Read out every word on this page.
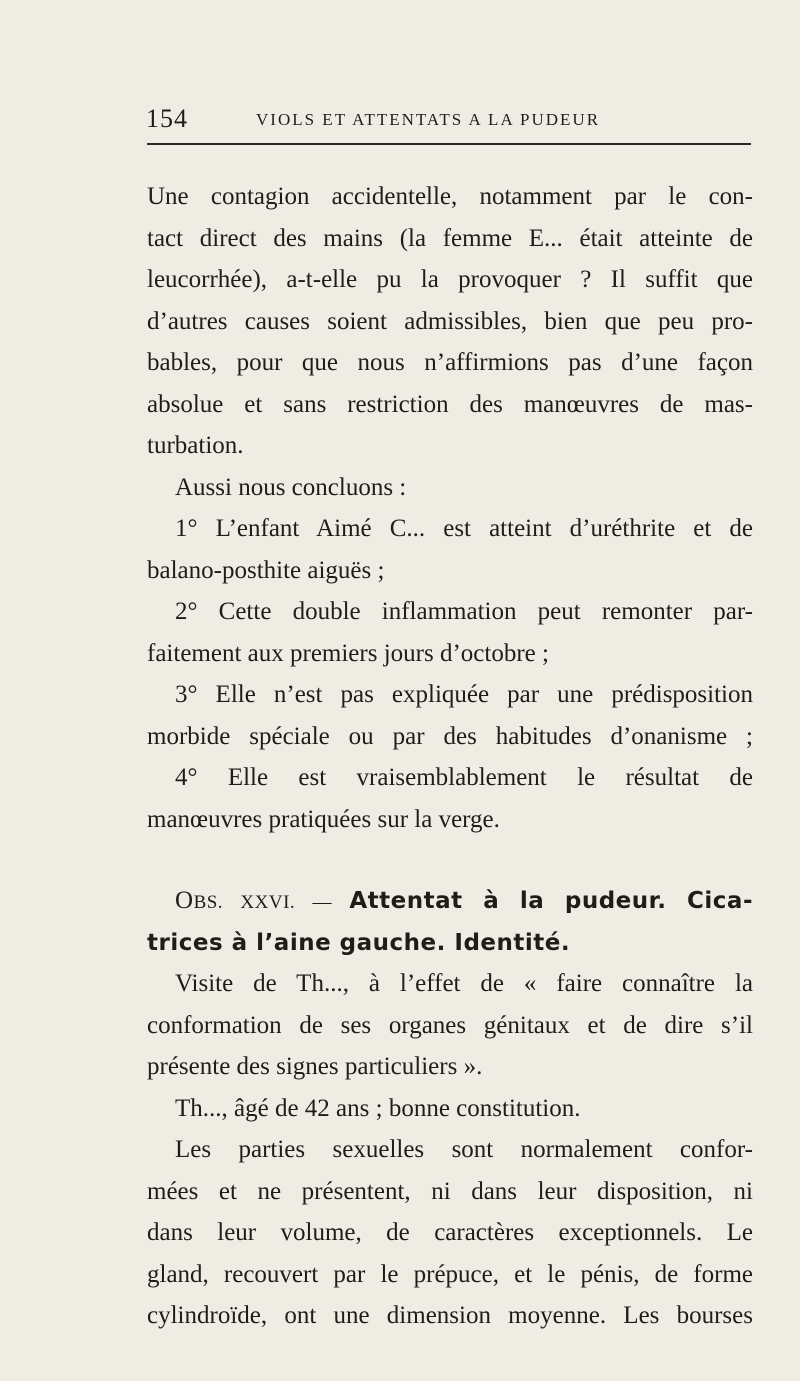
154	VIOLS ET ATTENTATS A LA PUDEUR
Une contagion accidentelle, notamment par le con-
tact direct des mains (la femme E... était atteinte de
leucorrhée), a-t-elle pu la provoquer ? Il suffit que
d’autres causes soient admissibles, bien que peu pro-
bables, pour que nous n’affirmions pas d’une façon
absolue et sans restriction des manœuvres de mas-
turbation.
Aussi nous concluons :
1° L’enfant Aimé C... est atteint d’uréthrite et de
balano-posthite aiguës ;
2° Cette double inflammation peut remonter par-
faitement aux premiers jours d’octobre ;
3° Elle n’est pas expliquée par une prédisposition
morbide spéciale ou par des habitudes d’onanisme ;
4° Elle est vraisemblablement le résultat de
manœuvres pratiquées sur la verge.
OBS. XXVI. — Attentat à la pudeur. Cica-
trices à l’aine gauche. Identité.
Visite de Th..., à l’effet de « faire connaître la
conformation de ses organes génitaux et de dire s’il
présente des signes particuliers ».
Th..., âgé de 42 ans ; bonne constitution.
Les parties sexuelles sont normalement confor-
mées et ne présentent, ni dans leur disposition, ni
dans leur volume, de caractères exceptionnels. Le
gland, recouvert par le prépuce, et le pénis, de forme
cylindroïde, ont une dimension moyenne. Les bourses
